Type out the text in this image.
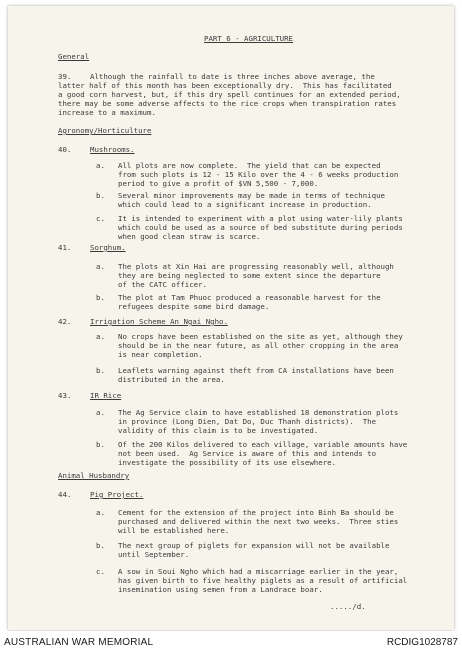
PART 6 - AGRICULTURE
General
39.	Although the rainfall to date is three inches above average, the
latter half of this month has been exceptionally dry.  This has facilitated
a good corn harvest, but, if this dry spell continues for an extended period,
there may be some adverse affects to the rice crops when transpiration rates
increase to a maximum.
Agronomy/Horticulture
40.	Mushrooms.
a. All plots are now complete.  The yield that can be expected
from such plots is 12 - 15 Kilo over the 4 - 6 weeks production
period to give a profit of $VN 5,500 - 7,000.
b. Several minor improvements may be made in terms of technique
which could lead to a significant increase in production.
c. It is intended to experiment with a plot using water-lily plants
which could be used as a source of bed substitute during periods
when good clean straw is scarce.
41.	Sorghum.
a. The plots at Xin Hai are progressing reasonably well, although
they are being neglected to some extent since the departure
of the CATC officer.
b. The plot at Tam Phuoc produced a reasonable harvest for the
refugees despite some bird damage.
42.	Irrigation Scheme An Ngai Ngho.
a. No crops have been established on the site as yet, although they
should be in the near future, as all other cropping in the area
is near completion.
b. Leaflets warning against theft from CA installations have been
distributed in the area.
43.	IR Rice
a. The Ag Service claim to have established 18 demonstration plots
in province (Long Dien, Dat Do, Duc Thanh districts).  The
validity of this claim is to be investigated.
b. Of the 200 Kilos delivered to each village, variable amounts have
not been used.  Ag Service is aware of this and intends to
investigate the possibility of its use elsewhere.
Animal Husbandry
44.	Pig Project.
a. Cement for the extension of the project into Binh Ba should be
purchased and delivered within the next two weeks.  Three sties
will be established here.
b. The next group of piglets for expansion will not be available
until September.
c. A sow in Soui Ngho which had a miscarriage earlier in the year,
has given birth to five healthy piglets as a result of artificial
insemination using semen from a Landrace boar.
...../d.
AUSTRALIAN WAR MEMORIAL	RCDIG1028787
